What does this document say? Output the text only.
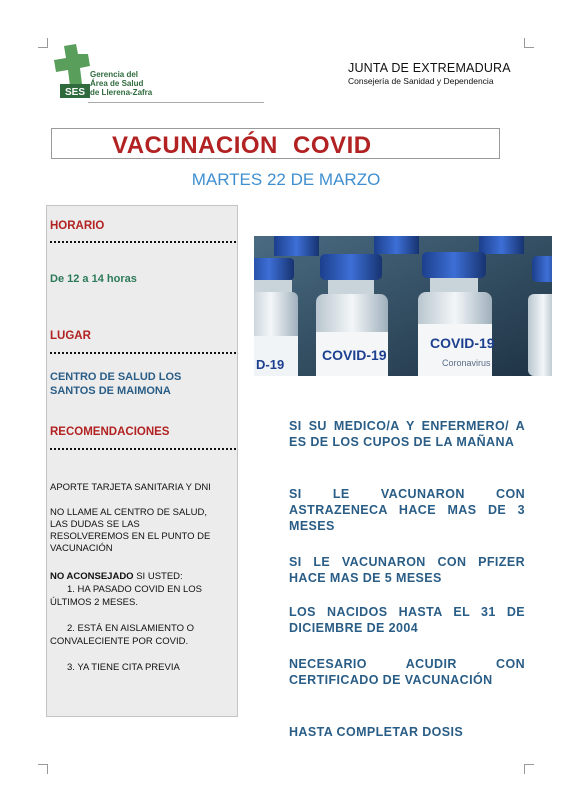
SES
Gerencia del
Área de Salud
de Llerena-Zafra
JUNTA DE EXTREMADURA
Consejería de Sanidad y Dependencia
VACUNACIÓN COVID
MARTES 22 DE MARZO
HORARIO
De 12 a 14 horas
LUGAR
CENTRO DE SALUD LOS
SANTOS DE MAIMONA
RECOMENDACIONES
APORTE TARJETA SANITARIA Y DNI
NO LLAME AL CENTRO DE SALUD,
LAS DUDAS SE LAS
RESOLVEREMOS EN EL PUNTO DE
VACUNACIÓN
NO ACONSEJADO SI USTED:
1. HA PASADO COVID EN LOS
ÚLTIMOS 2 MESES.
2. ESTÁ EN AISLAMIENTO O
CONVALECIENTE POR COVID.
3. YA TIENE CITA PREVIA
D-19
COVID-19
COVID-19
Coronavirus
SI SU MEDICO/A Y ENFERMERO/ A ES DE LOS CUPOS DE LA MAÑANA
SI LE VACUNARON CON ASTRAZENECA HACE MAS DE 3 MESES
SI LE VACUNARON CON PFIZER HACE MAS DE 5 MESES
LOS NACIDOS HASTA EL 31 DE DICIEMBRE DE 2004
NECESARIO ACUDIR CON CERTIFICADO DE VACUNACIÓN
HASTA COMPLETAR DOSIS
